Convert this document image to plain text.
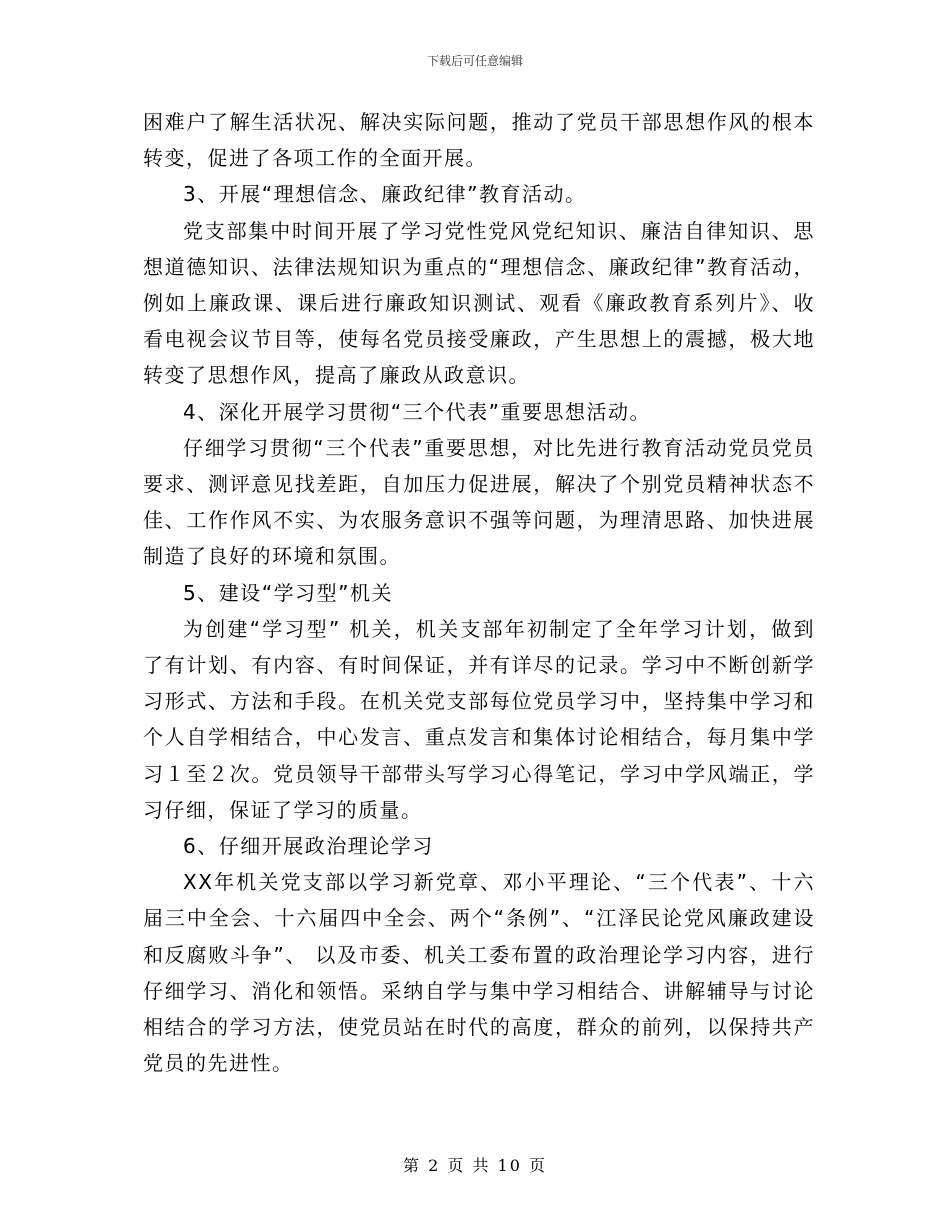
下载后可任意编辑

困难户了解生活状况、解决实际问题，推动了党员干部思想作风的根本转变，促进了各项工作的全面开展。

3、开展“理想信念、廉政纪律”教育活动。

党支部集中时间开展了学习党性党风党纪知识、廉洁自律知识、思想道德知识、法律法规知识为重点的“理想信念、廉政纪律”教育活动，例如上廉政课、课后进行廉政知识测试、观看《廉政教育系列片》、收看电视会议节目等，使每名党员接受廉政，产生思想上的震撼，极大地转变了思想作风，提高了廉政从政意识。

4、深化开展学习贯彻“三个代表”重要思想活动。

仔细学习贯彻“三个代表”重要思想，对比先进行教育活动党员党员要求、测评意见找差距，自加压力促进展，解决了个别党员精神状态不佳、工作作风不实、为农服务意识不强等问题，为理清思路、加快进展制造了良好的环境和氛围。

5、建设“学习型”机关

为创建“学习型” 机关，机关支部年初制定了全年学习计划，做到了有计划、有内容、有时间保证，并有详尽的记录。学习中不断创新学习形式、方法和手段。在机关党支部每位党员学习中，坚持集中学习和个人自学相结合，中心发言、重点发言和集体讨论相结合，每月集中学习１至２次。党员领导干部带头写学习心得笔记，学习中学风端正，学习仔细，保证了学习的质量。

6、仔细开展政治理论学习

XX年机关党支部以学习新党章、邓小平理论、“三个代表”、十六届三中全会、十六届四中全会、两个“条例”、“江泽民论党风廉政建设和反腐败斗争”、 以及市委、机关工委布置的政治理论学习内容，进行仔细学习、消化和领悟。采纳自学与集中学习相结合、讲解辅导与讨论相结合的学习方法，使党员站在时代的高度，群众的前列，以保持共产党员的先进性。

第 2 页 共 10 页
